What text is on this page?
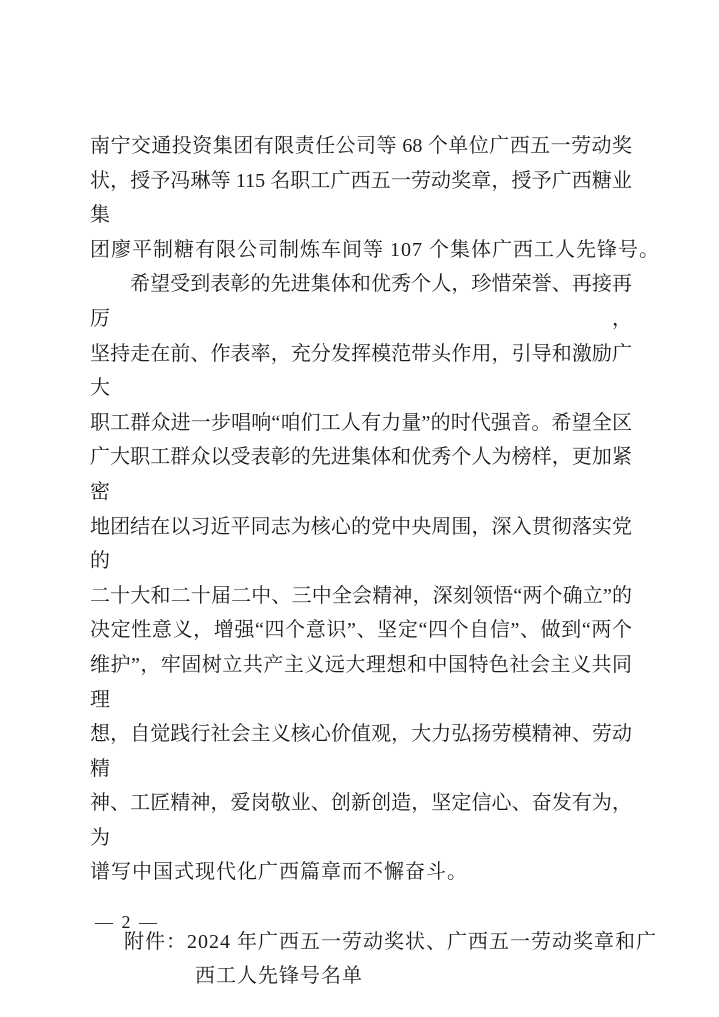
南宁交通投资集团有限责任公司等 68 个单位广西五一劳动奖
状，授予冯琳等 115 名职工广西五一劳动奖章，授予广西糖业集
团廖平制糖有限公司制炼车间等 107 个集体广西工人先锋号。
希望受到表彰的先进集体和优秀个人，珍惜荣誉、再接再厉，
坚持走在前、作表率，充分发挥模范带头作用，引导和激励广大
职工群众进一步唱响“咱们工人有力量”的时代强音。希望全区
广大职工群众以受表彰的先进集体和优秀个人为榜样，更加紧密
地团结在以习近平同志为核心的党中央周围，深入贯彻落实党的
二十大和二十届二中、三中全会精神，深刻领悟“两个确立”的
决定性意义，增强“四个意识”、坚定“四个自信”、做到“两个
维护”，牢固树立共产主义远大理想和中国特色社会主义共同理
想，自觉践行社会主义核心价值观，大力弘扬劳模精神、劳动精
神、工匠精神，爱岗敬业、创新创造，坚定信心、奋发有为，为
谱写中国式现代化广西篇章而不懈奋斗。
附件：2024 年广西五一劳动奖状、广西五一劳动奖章和广
西工人先锋号名单
— 2 —
